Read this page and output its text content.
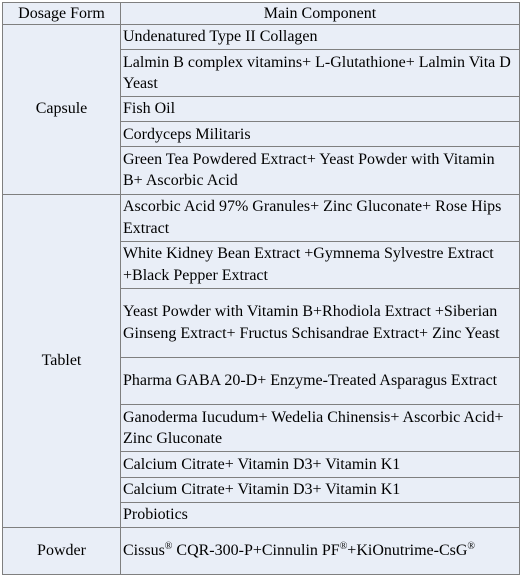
Dosage Form	Main Component
Capsule	Undenatured Type II Collagen
	Lalmin B complex vitamins+ L-Glutathione+ Lalmin Vita D Yeast
	Fish Oil
	Cordyceps Militaris
	Green Tea Powdered Extract+ Yeast Powder with Vitamin B+ Ascorbic Acid
Tablet	Ascorbic Acid 97% Granules+ Zinc Gluconate+ Rose Hips Extract
	White Kidney Bean Extract +Gymnema Sylvestre Extract +Black Pepper Extract
	Yeast Powder with Vitamin B+Rhodiola Extract +Siberian Ginseng Extract+ Fructus Schisandrae Extract+ Zinc Yeast
	Pharma GABA 20-D+ Enzyme-Treated Asparagus Extract
	Ganoderma Iucudum+ Wedelia Chinensis+ Ascorbic Acid+ Zinc Gluconate
	Calcium Citrate+ Vitamin D3+ Vitamin K1
	Calcium Citrate+ Vitamin D3+ Vitamin K1
	Probiotics
Powder	Cissus® CQR-300-P+Cinnulin PF®+KiOnutrime-CsG®
